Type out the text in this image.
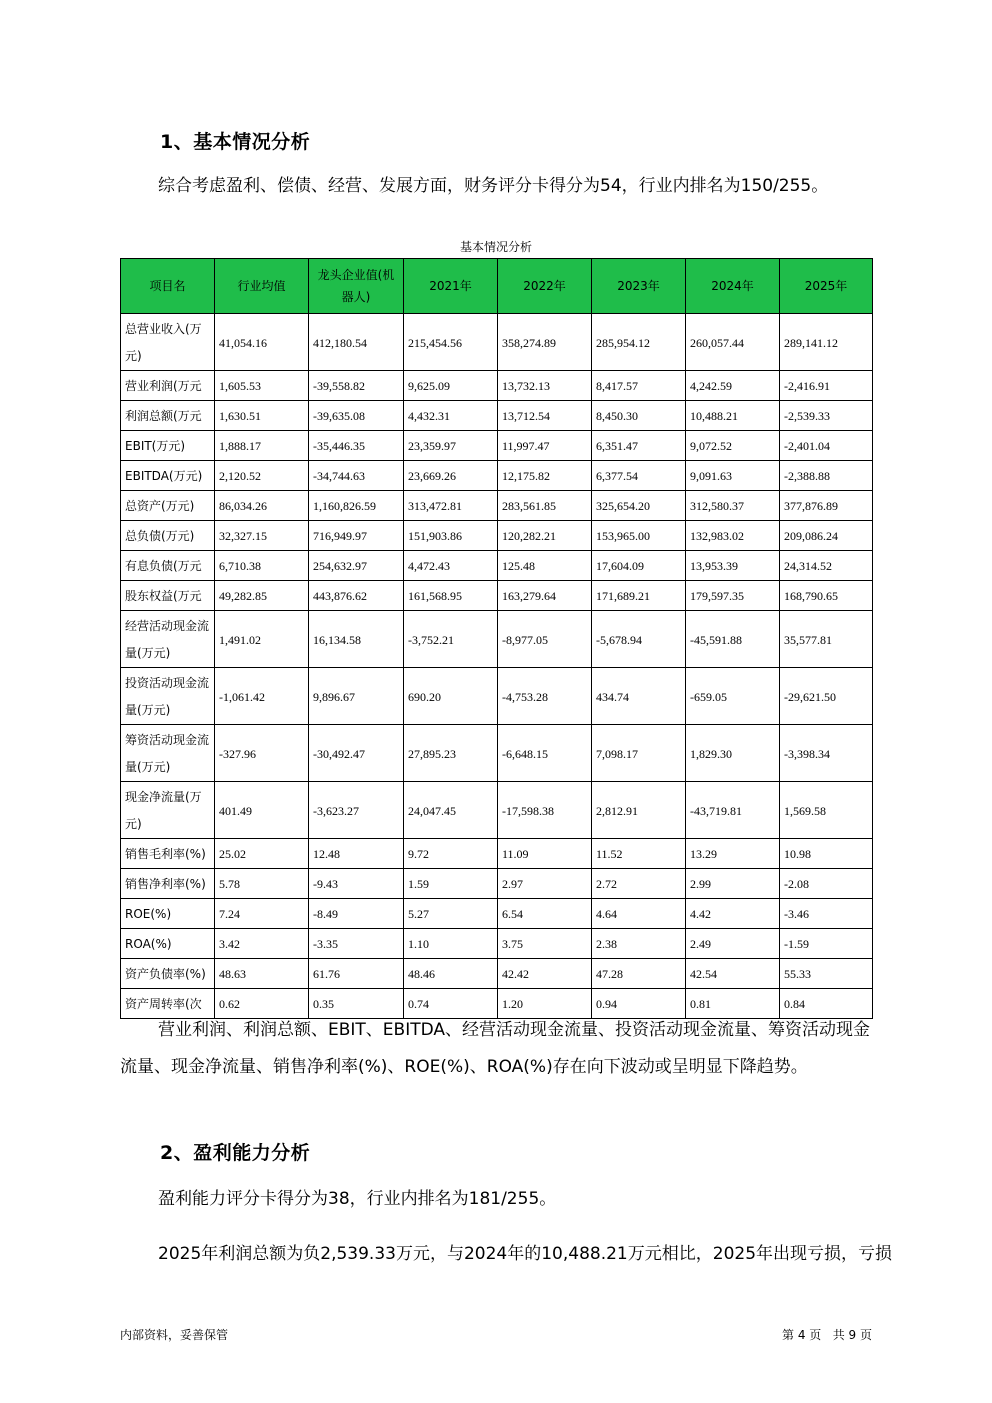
1、基本情况分析
综合考虑盈利、偿债、经营、发展方面，财务评分卡得分为54，行业内排名为150/255。
基本情况分析
项目名	行业均值	龙头企业值(机器人)	2021年	2022年	2023年	2024年	2025年
总营业收入(万元)	41,054.16	412,180.54	215,454.56	358,274.89	285,954.12	260,057.44	289,141.12
营业利润(万元	1,605.53	-39,558.82	9,625.09	13,732.13	8,417.57	4,242.59	-2,416.91
利润总额(万元	1,630.51	-39,635.08	4,432.31	13,712.54	8,450.30	10,488.21	-2,539.33
EBIT(万元)	1,888.17	-35,446.35	23,359.97	11,997.47	6,351.47	9,072.52	-2,401.04
EBITDA(万元)	2,120.52	-34,744.63	23,669.26	12,175.82	6,377.54	9,091.63	-2,388.88
总资产(万元)	86,034.26	1,160,826.59	313,472.81	283,561.85	325,654.20	312,580.37	377,876.89
总负债(万元)	32,327.15	716,949.97	151,903.86	120,282.21	153,965.00	132,983.02	209,086.24
有息负债(万元	6,710.38	254,632.97	4,472.43	125.48	17,604.09	13,953.39	24,314.52
股东权益(万元	49,282.85	443,876.62	161,568.95	163,279.64	171,689.21	179,597.35	168,790.65
经营活动现金流量(万元)	1,491.02	16,134.58	-3,752.21	-8,977.05	-5,678.94	-45,591.88	35,577.81
投资活动现金流量(万元)	-1,061.42	9,896.67	690.20	-4,753.28	434.74	-659.05	-29,621.50
筹资活动现金流量(万元)	-327.96	-30,492.47	27,895.23	-6,648.15	7,098.17	1,829.30	-3,398.34
现金净流量(万元)	401.49	-3,623.27	24,047.45	-17,598.38	2,812.91	-43,719.81	1,569.58
销售毛利率(%)	25.02	12.48	9.72	11.09	11.52	13.29	10.98
销售净利率(%)	5.78	-9.43	1.59	2.97	2.72	2.99	-2.08
ROE(%)	7.24	-8.49	5.27	6.54	4.64	4.42	-3.46
ROA(%)	3.42	-3.35	1.10	3.75	2.38	2.49	-1.59
资产负债率(%)	48.63	61.76	48.46	42.42	47.28	42.54	55.33
资产周转率(次	0.62	0.35	0.74	1.20	0.94	0.81	0.84
营业利润、利润总额、EBIT、EBITDA、经营活动现金流量、投资活动现金流量、筹资活动现金流量、现金净流量、销售净利率(%)、ROE(%)、ROA(%)存在向下波动或呈明显下降趋势。
2、盈利能力分析
盈利能力评分卡得分为38，行业内排名为181/255。
2025年利润总额为负2,539.33万元，与2024年的10,488.21万元相比，2025年出现亏损，亏损
内部资料，妥善保管	第 4 页   共 9 页
